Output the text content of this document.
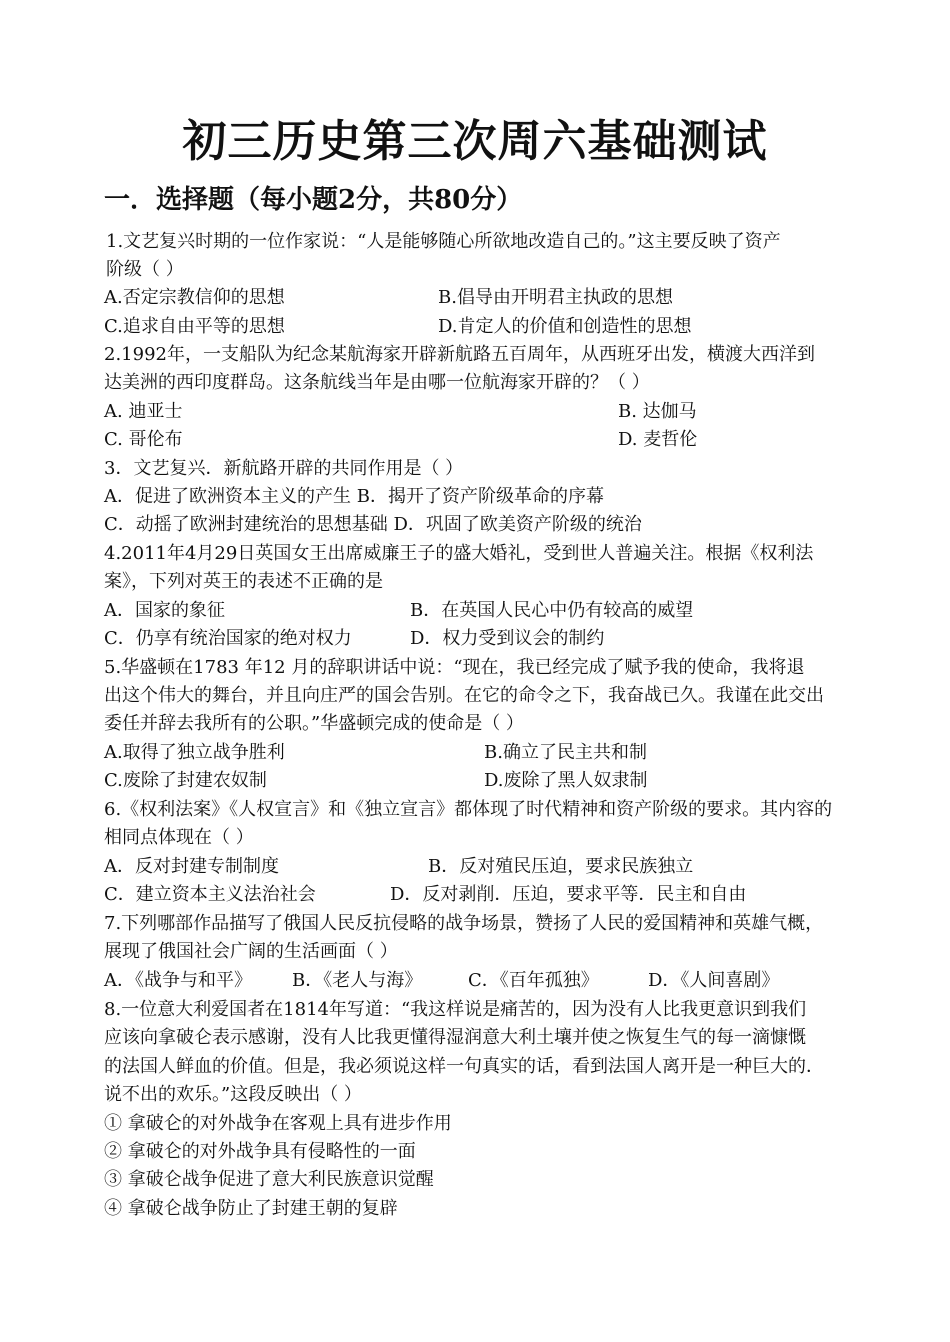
初三历史第三次周六基础测试
一．选择题（每小题2分，共80分）
1.文艺复兴时期的一位作家说：“人是能够随心所欲地改造自己的。”这主要反映了资产
阶级（ ）
A.否定宗教信仰的思想	B.倡导由开明君主执政的思想
C.追求自由平等的思想	D.肯定人的价值和创造性的思想
2.1992年，一支船队为纪念某航海家开辟新航路五百周年，从西班牙出发，横渡大西洋到
达美洲的西印度群岛。这条航线当年是由哪一位航海家开辟的？（ ）
A. 迪亚士	B. 达伽马
C. 哥伦布	D. 麦哲伦
3．文艺复兴．新航路开辟的共同作用是（ ）
A．促进了欧洲资本主义的产生 B．揭开了资产阶级革命的序幕
C．动摇了欧洲封建统治的思想基础 D．巩固了欧美资产阶级的统治
4.2011年4月29日英国女王出席威廉王子的盛大婚礼，受到世人普遍关注。根据《权利法
案》，下列对英王的表述不正确的是
A．国家的象征	B．在英国人民心中仍有较高的威望
C．仍享有统治国家的绝对权力	D．权力受到议会的制约
5.华盛顿在1783 年12 月的辞职讲话中说：“现在，我已经完成了赋予我的使命，我将退
出这个伟大的舞台，并且向庄严的国会告别。在它的命令之下，我奋战已久。我谨在此交出
委任并辞去我所有的公职。”华盛顿完成的使命是（ ）
A.取得了独立战争胜利	B.确立了民主共和制
C.废除了封建农奴制	D.废除了黑人奴隶制
6.《权利法案》《人权宣言》和《独立宣言》都体现了时代精神和资产阶级的要求。其内容的
相同点体现在（ ）
A．反对封建专制制度	B．反对殖民压迫，要求民族独立
C．建立资本主义法治社会	D．反对剥削．压迫，要求平等．民主和自由
7.下列哪部作品描写了俄国人民反抗侵略的战争场景，赞扬了人民的爱国精神和英雄气概，
展现了俄国社会广阔的生活画面（ ）
A．《战争与和平》 B．《老人与海》	C．《百年孤独》	D．《人间喜剧》
8.一位意大利爱国者在1814年写道：“我这样说是痛苦的，因为没有人比我更意识到我们
应该向拿破仑表示感谢，没有人比我更懂得湿润意大利土壤并使之恢复生气的每一滴慷慨
的法国人鲜血的价值。但是，我必须说这样一句真实的话，看到法国人离开是一种巨大的．
说不出的欢乐。”这段反映出（ ）
① 拿破仑的对外战争在客观上具有进步作用
② 拿破仑的对外战争具有侵略性的一面
③ 拿破仑战争促进了意大利民族意识觉醒
④ 拿破仑战争防止了封建王朝的复辟
